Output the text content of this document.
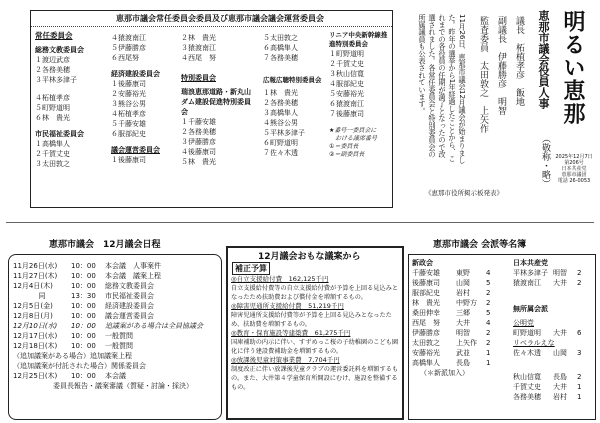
明るい恵那
2025年12月7日
第206号
日本共産党
恵那市議団
電話 26-0053
恵那市議会役員人事
（敬称・略）
議長　柘植孝彦　飯地
副議長　伊藤勝彦　明智
監査委員　太田敦之　上矢作
11月26日、恵那市議会12月議会が始まりました。昨年の選挙から1年経過したことから、これまでの各役員の任期が満了となったので改選されました。各常任委員会と特別委員会の所属議員も公表されています。
《恵那市役所掲示板発表》
恵那市議会常任委員会委員及び恵那市議会議会運営委員会
常任委員会
総務文教委員会
１渡辺武彦
２各務美穂
３平林多津子
４柘植孝彦
５町野道明
６林　貴光
市民福祉委員会
１高橋隼人
２千賀丈史
３太田敦之
４猿渡南江
５伊藤勝彦
６西尾努
経済建設委員会
１後藤康司
２安藤裕光
３熊谷公男
４柘植孝彦
５千藤安雄
６服部紀史
議会運営委員会
１後藤康司
２林　貴光
３猿渡南江
４西尾　努
特別委員会
瑞浪恵那道路・新丸山ダム建設促進特別委員会
１千藤安雄
２各務美穂
３伊藤勝彦
４後藤康司
５林　貴光
５太田敦之
６高橋隼人
７各務美穂
広報広聴特別委員会
１林　貴光
２各務美穂
３高橋隼人
４熊谷公男
５平林多津子
６町野道明
７佐々木透
リニア中央新幹線推進特別委員会
１町野道明
２千賀丈史
３秋山信寛
４服部紀史
５安藤裕光
６猿渡南江
７後藤康司
★番号一委員会に
　おける議席番号
①＝委員長
②＝副委員長
恵那市議会　12月議会日程
11月26日(水) 10：00 本会議　人事案件
11月27日(木) 10：00 本会議　議案上程
12月4日(木)	10：00 総務文教委員会
同	13：30 市民福祉委員会
12月5日(金)	10：00 経済建設委員会
12月8日(月)	10：00 議会運営委員会
12月10日(水) 10：00 追議案がある場合は全員協議会
12月17日(水) 10：00 一般質問
12月18日(木) 10：00 一般質問
（追加議案がある場合）追加議案上程
（追加議案が付託された場合）関係委員会
12月25日(木) 10：00 本会議
委員長報告・議案審議（質疑・討論・採決）
12月議会おもな議案から
補正予算
◎自立支援給付費　162,125千円
自立支援給付費等の自立支援給付費が予算を上回る見込みとなったため扶助費および償付金を増額するもの。
◎障害児通所支援給付費　51,219千円
障害児通所支援給付費等が予算を上回る見込みとなったため、扶助費を増額するもの。
◎教育・保育施設等建築費　61,275千円
国庫補助の内示に伴い、すずめっこ桜の子幼稚園のこども園化に伴う建設費補助金を増額するもの。
◎放課後児童対策事業費　7,704千円
制度改正に伴い放課後児童クラブの運営委託料を増額するもの。また、大井第４学童保育所開設にむけ、施設を整備するもの。
恵那市議会 会派等名簿
新政会
千藤安雄 東野 4
後藤康司 山岡 5
服部紀史 岩村 2
林　貴光 中野方 2
桑田伸幸 三郷 5
西尾　努 大井 4
伊藤勝彦 明智 2
太田敦之 上矢作 2
安藤裕光 武並 1
高橋隼人 長島 1
（＊新派加入）
日本共産党
平林多津子 明智 2
猿渡南江 大井 2
無所属会派
公明党
町野道明 大井 6
リベラルえな
佐々木透 山岡 3
秋山信寛 長島 2
千賀丈史 大井 1
各務美穂 岩村 1
